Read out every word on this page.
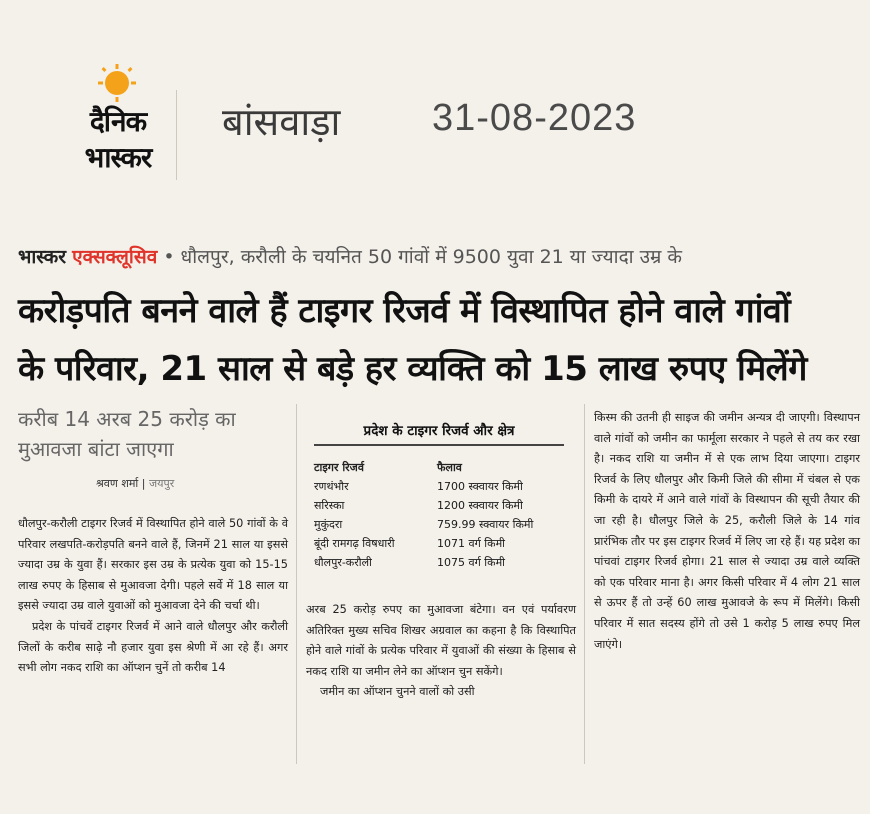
दैनिक
भास्कर
बांसवाड़ा 31-08-2023
भास्कर एक्सक्लूसिव • धौलपुर, करौली के चयनित 50 गांवों में 9500 युवा 21 या ज्यादा उम्र के
करोड़पति बनने वाले हैं टाइगर रिजर्व में विस्थापित होने वाले गांवों
के परिवार, 21 साल से बड़े हर व्यक्ति को 15 लाख रुपए मिलेंगे
करीब 14 अरब 25 करोड़ का मुआवजा बांटा जाएगा
श्रवण शर्मा | जयपुर

धौलपुर-करौली टाइगर रिजर्व में विस्थापित होने वाले 50 गांवों के वे परिवार लखपति-करोड़पति बनने वाले हैं, जिनमें 21 साल या इससे ज्यादा उम्र के युवा हैं। सरकार इस उम्र के प्रत्येक युवा को 15-15 लाख रुपए के हिसाब से मुआवजा देगी। पहले सर्वे में 18 साल या इससे ज्यादा उम्र वाले युवाओं को मुआवजा देने की चर्चा थी।

प्रदेश के पांचवें टाइगर रिजर्व में आने वाले धौलपुर और करौली जिलों के करीब साढ़े नौ हजार युवा इस श्रेणी में आ रहे हैं। अगर सभी लोग नकद राशि का ऑप्शन चुनें तो करीब 14

प्रदेश के टाइगर रिजर्व और क्षेत्र
टाइगर रिजर्व	फैलाव
रणथंभौर	1700 स्क्वायर किमी
सरिस्का	1200 स्क्वायर किमी
मुकुंदरा	759.99 स्क्वायर किमी
बूंदी रामगढ़ विषधारी	1071 वर्ग किमी
धौलपुर-करौली	1075 वर्ग किमी

अरब 25 करोड़ रुपए का मुआवजा बंटेगा। वन एवं पर्यावरण अतिरिक्त मुख्य सचिव शिखर अग्रवाल का कहना है कि विस्थापित होने वाले गांवों के प्रत्येक परिवार में युवाओं की संख्या के हिसाब से नकद राशि या जमीन लेने का ऑप्शन चुन सकेंगे।

जमीन का ऑप्शन चुनने वालों को उसी

किस्म की उतनी ही साइज की जमीन अन्यत्र दी जाएगी। विस्थापन वाले गांवों को जमीन का फार्मूला सरकार ने पहले से तय कर रखा है। नकद राशि या जमीन में से एक लाभ दिया जाएगा। टाइगर रिजर्व के लिए धौलपुर और किमी जिले की सीमा में चंबल से एक किमी के दायरे में आने वाले गांवों के विस्थापन की सूची तैयार की जा रही है। धौलपुर जिले के 25, करौली जिले के 14 गांव प्रारंभिक तौर पर इस टाइगर रिजर्व में लिए जा रहे हैं। यह प्रदेश का पांचवां टाइगर रिजर्व होगा। 21 साल से ज्यादा उम्र वाले व्यक्ति को एक परिवार माना है। अगर किसी परिवार में 4 लोग 21 साल से ऊपर हैं तो उन्हें 60 लाख मुआवजे के रूप में मिलेंगे। किसी परिवार में सात सदस्य होंगे तो उसे 1 करोड़ 5 लाख रुपए मिल जाएंगे।
